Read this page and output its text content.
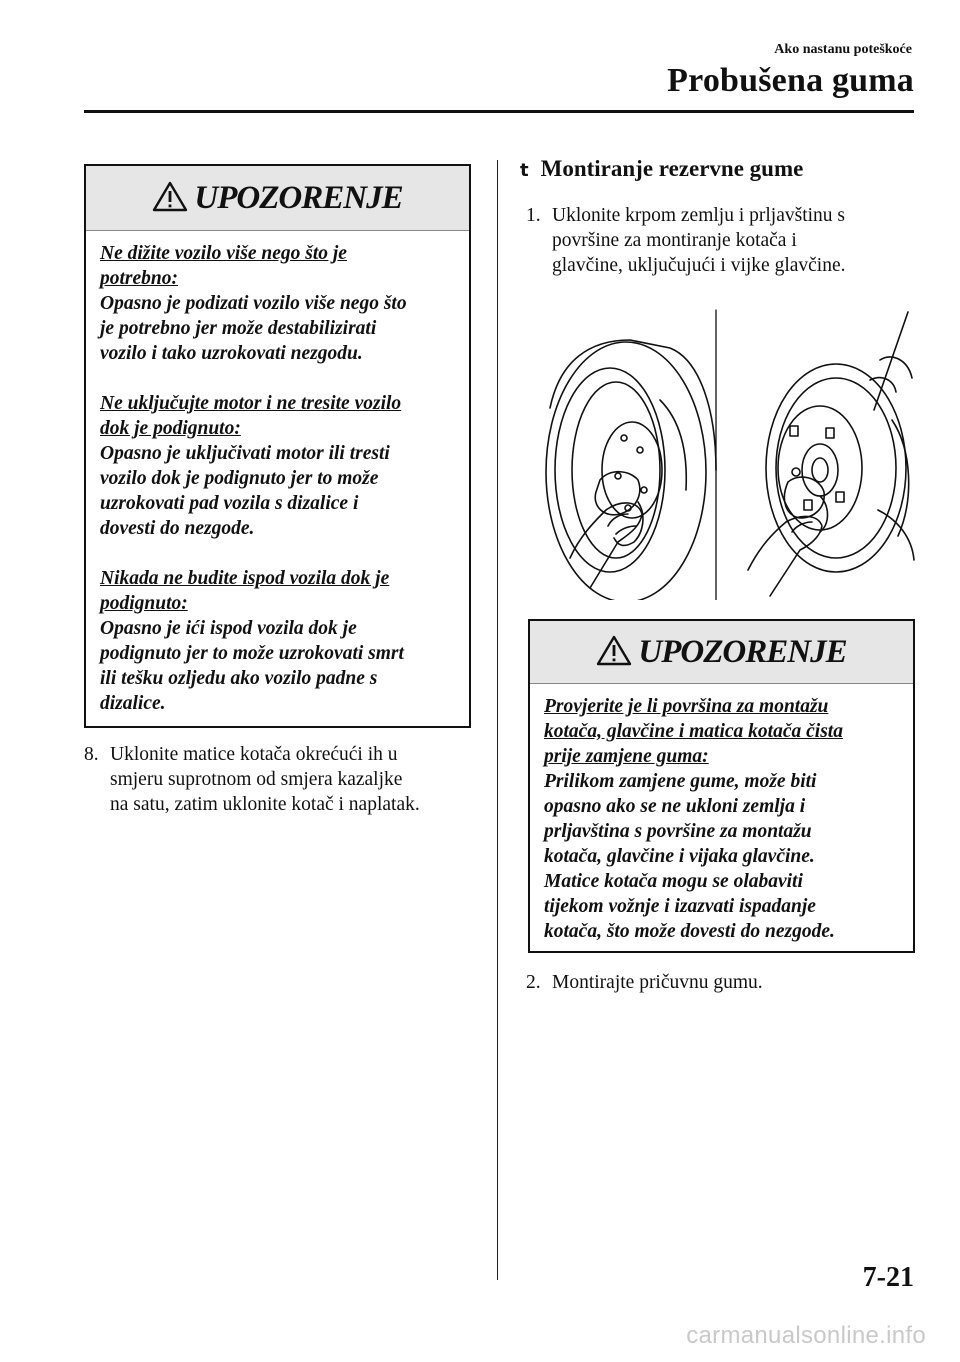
Ako nastanu poteškoće
Probušena guma
UPOZORENJE
Ne dižite vozilo više nego što je
potrebno:
Opasno je podizati vozilo više nego što
je potrebno jer može destabilizirati
vozilo i tako uzrokovati nezgodu.
Ne uključujte motor i ne tresite vozilo
dok je podignuto:
Opasno je uključivati motor ili tresti
vozilo dok je podignuto jer to može
uzrokovati pad vozila s dizalice i
dovesti do nezgode.
Nikada ne budite ispod vozila dok je
podignuto:
Opasno je ići ispod vozila dok je
podignuto jer to može uzrokovati smrt
ili tešku ozljedu ako vozilo padne s
dizalice.
8. Uklonite matice kotača okrećući ih u
smjeru suprotnom od smjera kazaljke
na satu, zatim uklonite kotač i naplatak.
t Montiranje rezervne gume
1. Uklonite krpom zemlju i prljavštinu s
površine za montiranje kotača i
glavčine, uključujući i vijke glavčine.
UPOZORENJE
Provjerite je li površina za montažu
kotača, glavčine i matica kotača čista
prije zamjene guma:
Prilikom zamjene gume, može biti
opasno ako se ne ukloni zemlja i
prljavština s površine za montažu
kotača, glavčine i vijaka glavčine.
Matice kotača mogu se olabaviti
tijekom vožnje i izazvati ispadanje
kotača, što može dovesti do nezgode.
2. Montirajte pričuvnu gumu.
7-21
carmanualsonline.info
